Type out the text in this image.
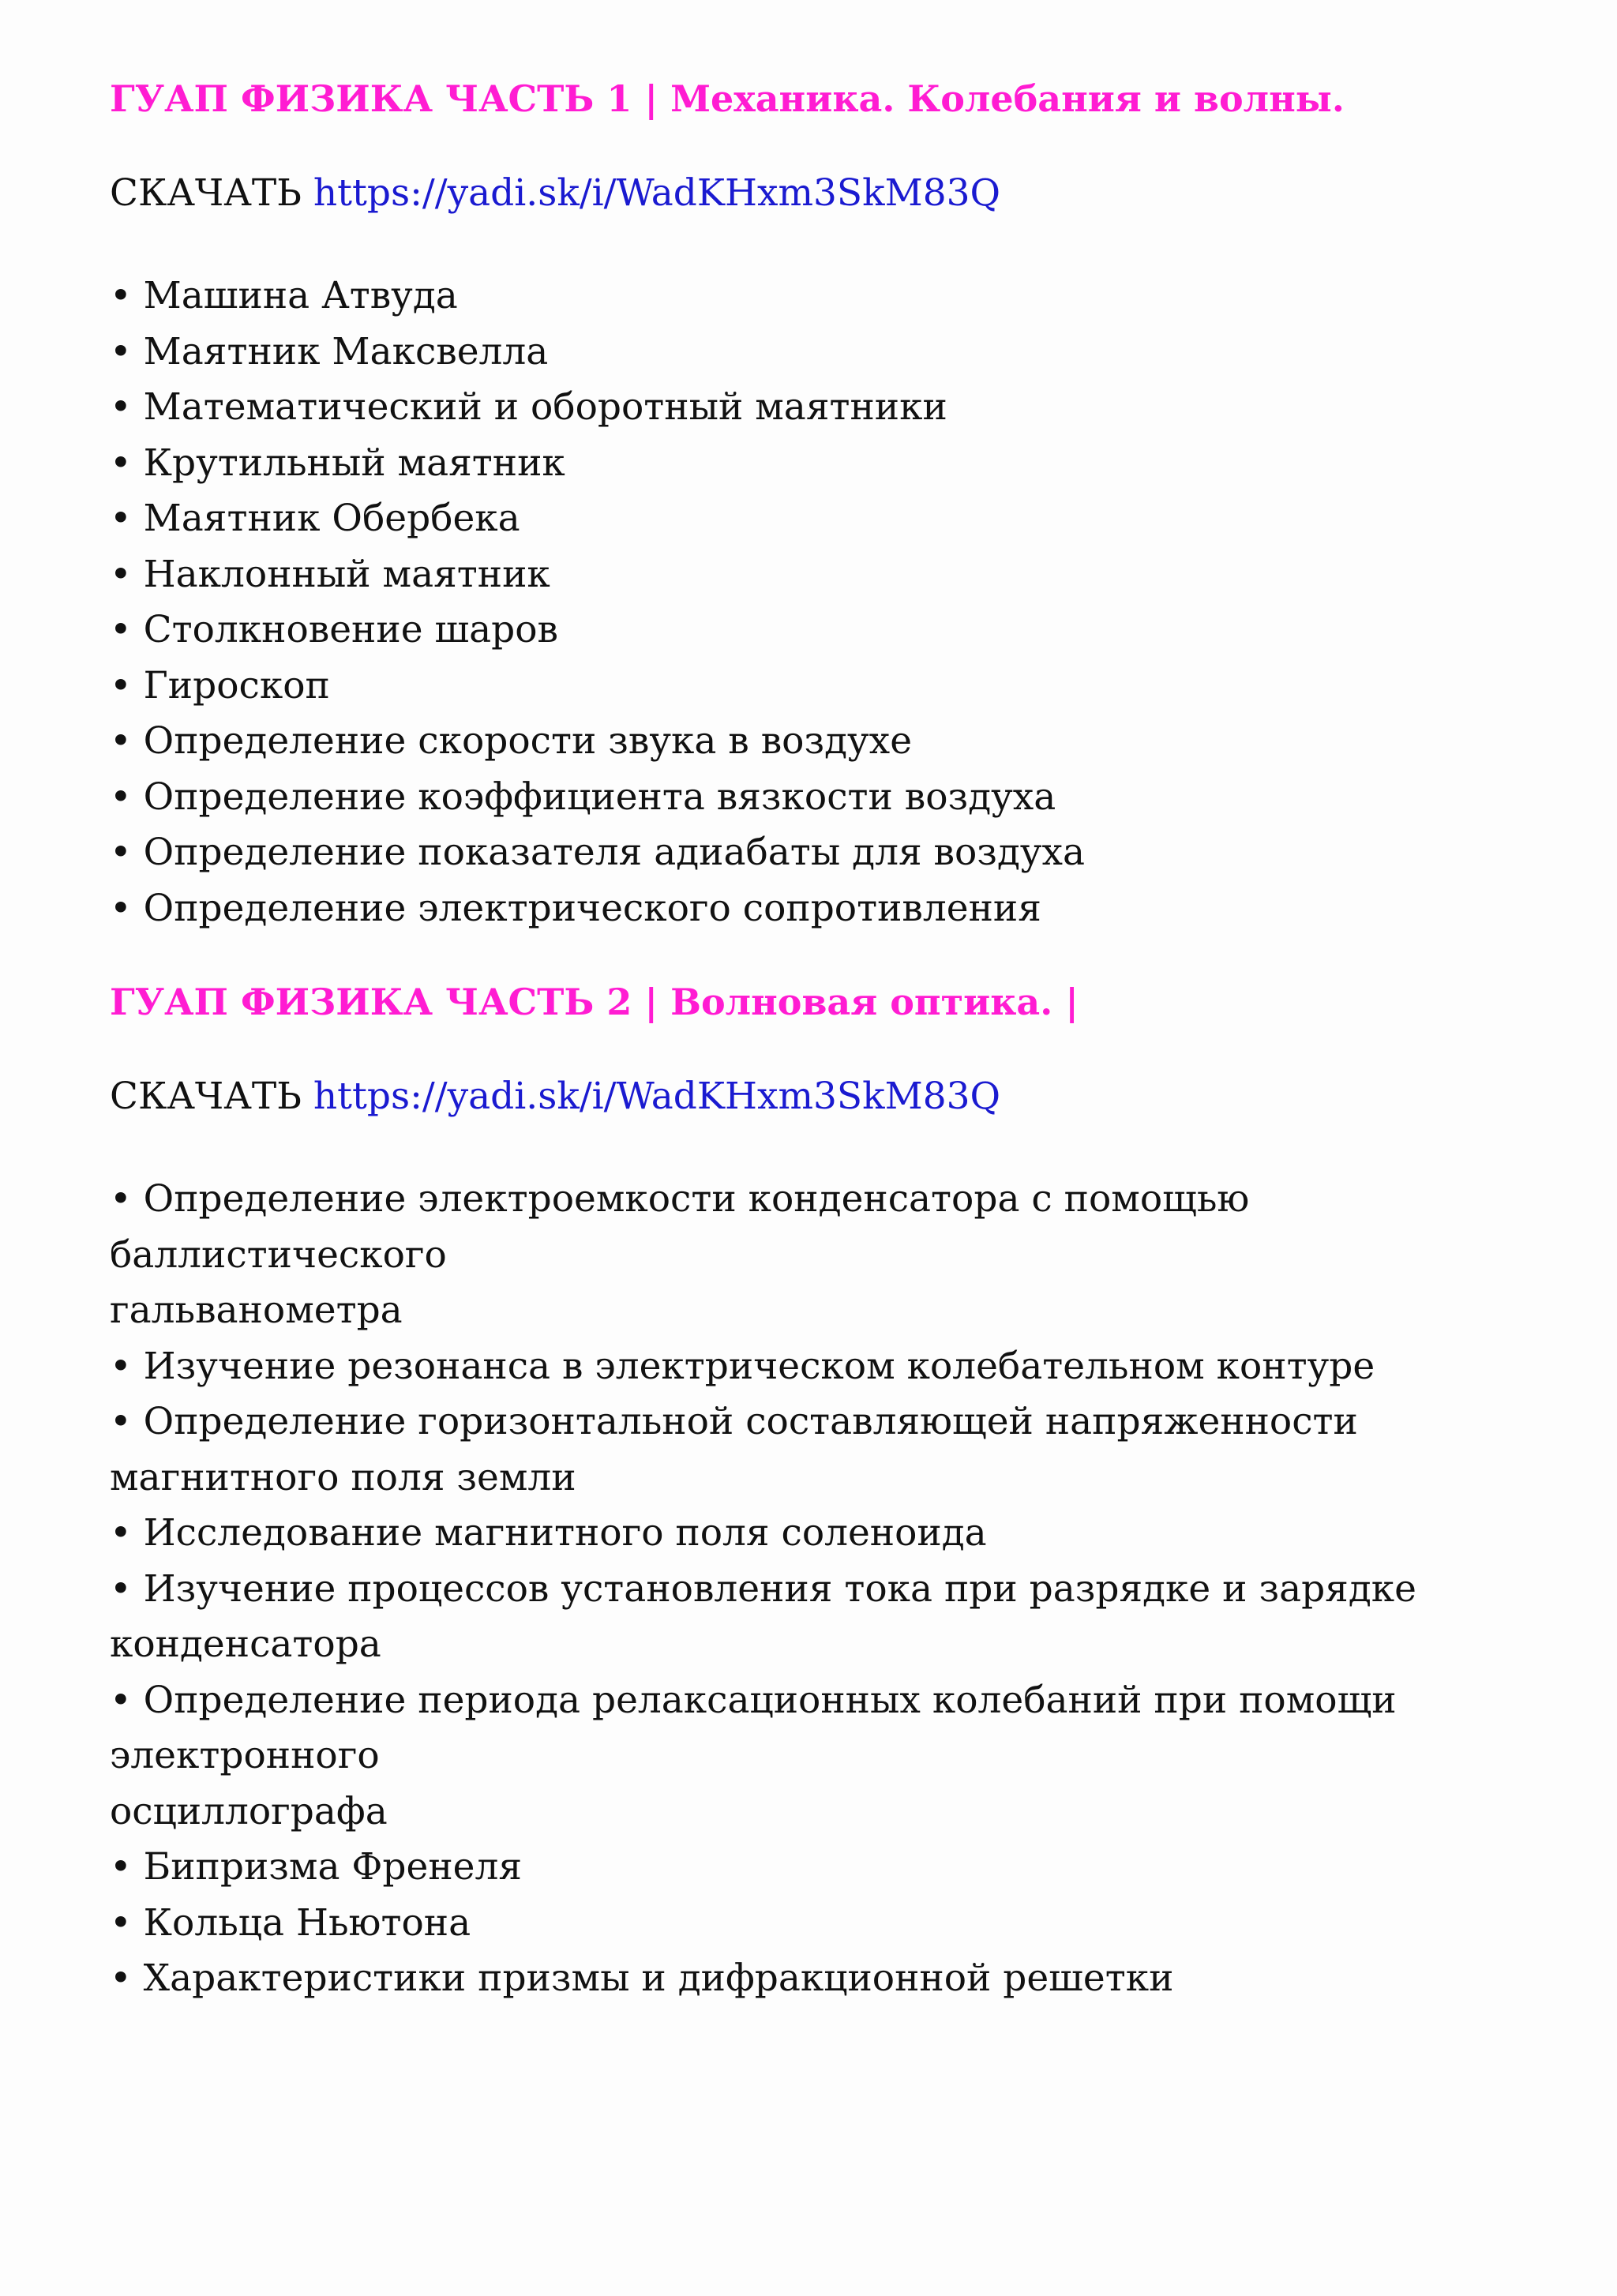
ГУАП ФИЗИКА ЧАСТЬ 1 | Механика. Колебания и волны.

СКАЧАТЬ https://yadi.sk/i/WadKHxm3SkM83Q

• Машина Атвуда
• Маятник Максвелла
• Математический и оборотный маятники
• Крутильный маятник
• Маятник Обербека
• Наклонный маятник
• Столкновение шаров
• Гироскоп
• Определение скорости звука в воздухе
• Определение коэффициента вязкости воздуха
• Определение показателя адиабаты для воздуха
• Определение электрического сопротивления

ГУАП ФИЗИКА ЧАСТЬ 2 | Волновая оптика. |

СКАЧАТЬ https://yadi.sk/i/WadKHxm3SkM83Q

• Определение электроемкости конденсатора с помощью
баллистического
гальванометра
• Изучение резонанса в электрическом колебательном контуре
• Определение горизонтальной составляющей напряженности
магнитного поля земли
• Исследование магнитного поля соленоида
• Изучение процессов установления тока при разрядке и зарядке
конденсатора
• Определение периода релаксационных колебаний при помощи
электронного
осциллографа
• Бипризма Френеля
• Кольца Ньютона
• Характеристики призмы и дифракционной решетки
